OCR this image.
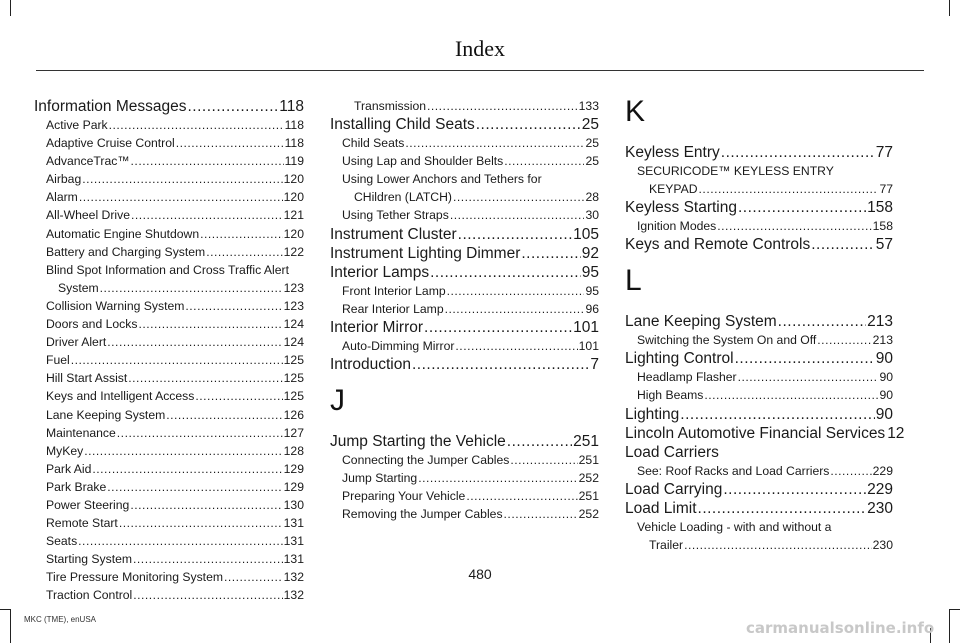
Index
Information Messages .....	118
Active Park .....	118
Adaptive Cruise Control .....	118
AdvanceTrac™ .....	119
Airbag .....	120
Alarm .....	120
All-Wheel Drive .....	121
Automatic Engine Shutdown .....	120
Battery and Charging System .....	122
Blind Spot Information and Cross Traffic Alert
System .....	123
Collision Warning System .....	123
Doors and Locks .....	124
Driver Alert .....	124
Fuel .....	125
Hill Start Assist .....	125
Keys and Intelligent Access .....	125
Lane Keeping System .....	126
Maintenance .....	127
MyKey .....	128
Park Aid .....	129
Park Brake .....	129
Power Steering .....	130
Remote Start .....	131
Seats .....	131
Starting System .....	131
Tire Pressure Monitoring System .....	132
Traction Control .....	132
Transmission .....	133
Installing Child Seats .....	25
Child Seats .....	25
Using Lap and Shoulder Belts .....	25
Using Lower Anchors and Tethers for
CHildren (LATCH) .....	28
Using Tether Straps .....	30
Instrument Cluster .....	105
Instrument Lighting Dimmer .....	92
Interior Lamps .....	95
Front Interior Lamp .....	95
Rear Interior Lamp .....	96
Interior Mirror .....	101
Auto-Dimming Mirror .....	101
Introduction .....	7
J
Jump Starting the Vehicle .....	251
Connecting the Jumper Cables .....	251
Jump Starting .....	252
Preparing Your Vehicle .....	251
Removing the Jumper Cables .....	252
K
Keyless Entry .....	77
SECURICODE™ KEYLESS ENTRY
KEYPAD .....	77
Keyless Starting .....	158
Ignition Modes .....	158
Keys and Remote Controls .....	57
L
Lane Keeping System .....	213
Switching the System On and Off .....	213
Lighting Control .....	90
Headlamp Flasher .....	90
High Beams .....	90
Lighting .....	90
Lincoln Automotive Financial Services 12
Load Carriers
See: Roof Racks and Load Carriers .....	229
Load Carrying .....	229
Load Limit .....	230
Vehicle Loading - with and without a
Trailer .....	230
480
MKC (TME), enUSA	carmanualsonline.info
